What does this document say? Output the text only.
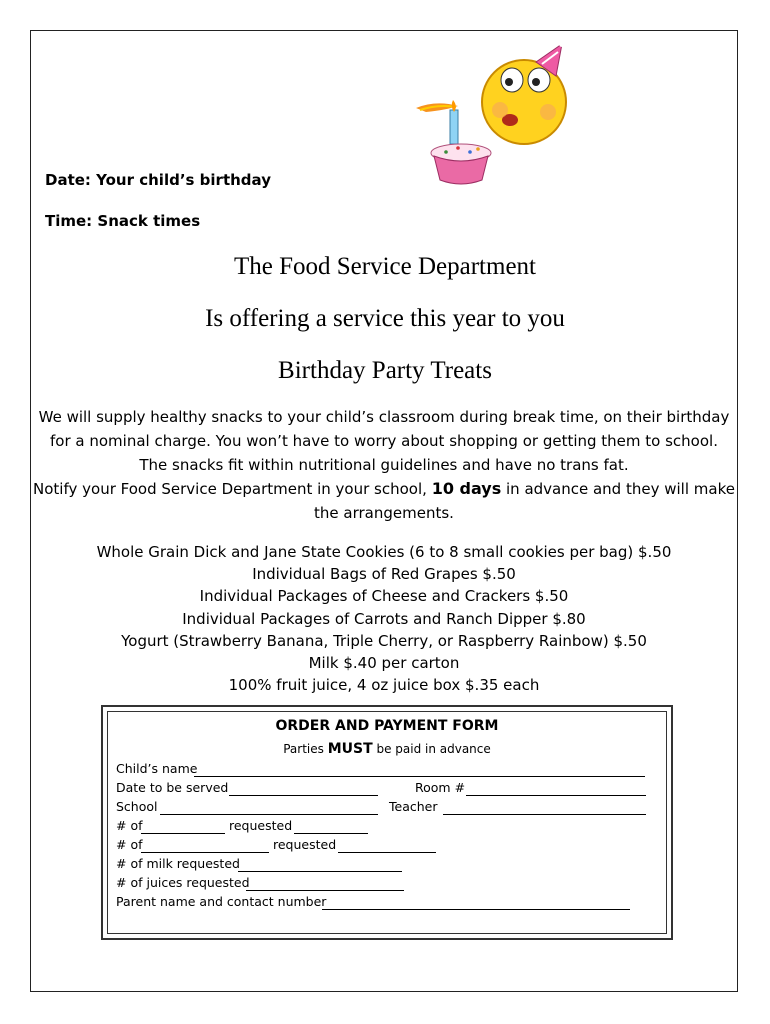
Date: Your child’s birthday
Time: Snack times
The Food Service Department
Is offering a service this year to you
Birthday Party Treats
We will supply healthy snacks to your child’s classroom during break time, on their birthday
for a nominal charge. You won’t have to worry about shopping or getting them to school.
The snacks fit within nutritional guidelines and have no trans fat.
Notify your Food Service Department in your school, 10 days in advance and they will make
the arrangements.
Whole Grain Dick and Jane State Cookies (6 to 8 small cookies per bag) $.50
Individual Bags of Red Grapes $.50
Individual Packages of Cheese and Crackers $.50
Individual Packages of Carrots and Ranch Dipper $.80
Yogurt (Strawberry Banana, Triple Cherry, or Raspberry Rainbow) $.50
Milk $.40 per carton
100% fruit juice, 4 oz juice box $.35 each
ORDER AND PAYMENT FORM
Parties MUST be paid in advance
Child’s name
Date to be served	Room #
School	Teacher
# of	requested
# of	requested
# of milk requested
# of juices requested
Parent name and contact number
